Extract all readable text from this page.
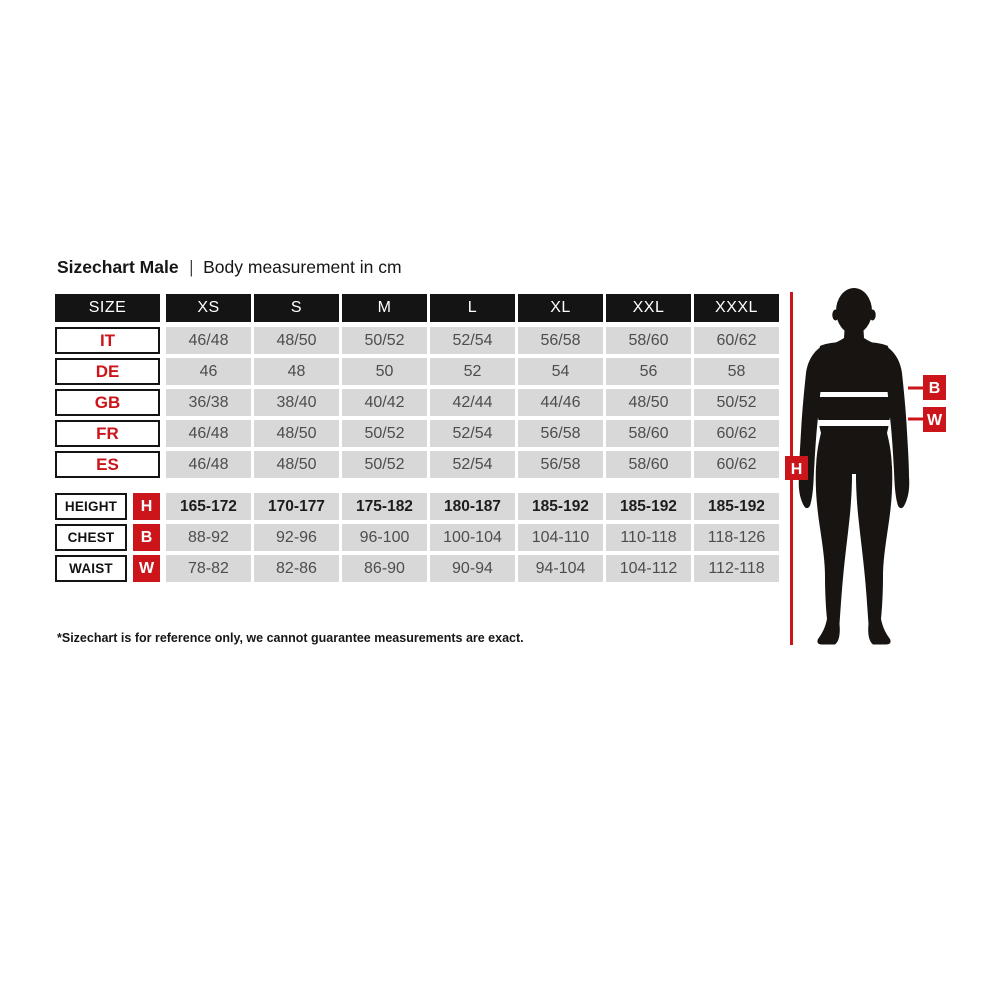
Sizechart Male | Body measurement in cm
SIZE	XS	S	M	L	XL	XXL	XXXL
IT	46/48	48/50	50/52	52/54	56/58	58/60	60/62
DE	46	48	50	52	54	56	58
GB	36/38	38/40	40/42	42/44	44/46	48/50	50/52
FR	46/48	48/50	50/52	52/54	56/58	58/60	60/62
ES	46/48	48/50	50/52	52/54	56/58	58/60	60/62
HEIGHT	H	165-172	170-177	175-182	180-187	185-192	185-192	185-192
CHEST	B	88-92	92-96	96-100	100-104	104-110	110-118	118-126
WAIST	W	78-82	82-86	86-90	90-94	94-104	104-112	112-118
*Sizechart is for reference only, we cannot guarantee measurements are exact.
B
W
H
